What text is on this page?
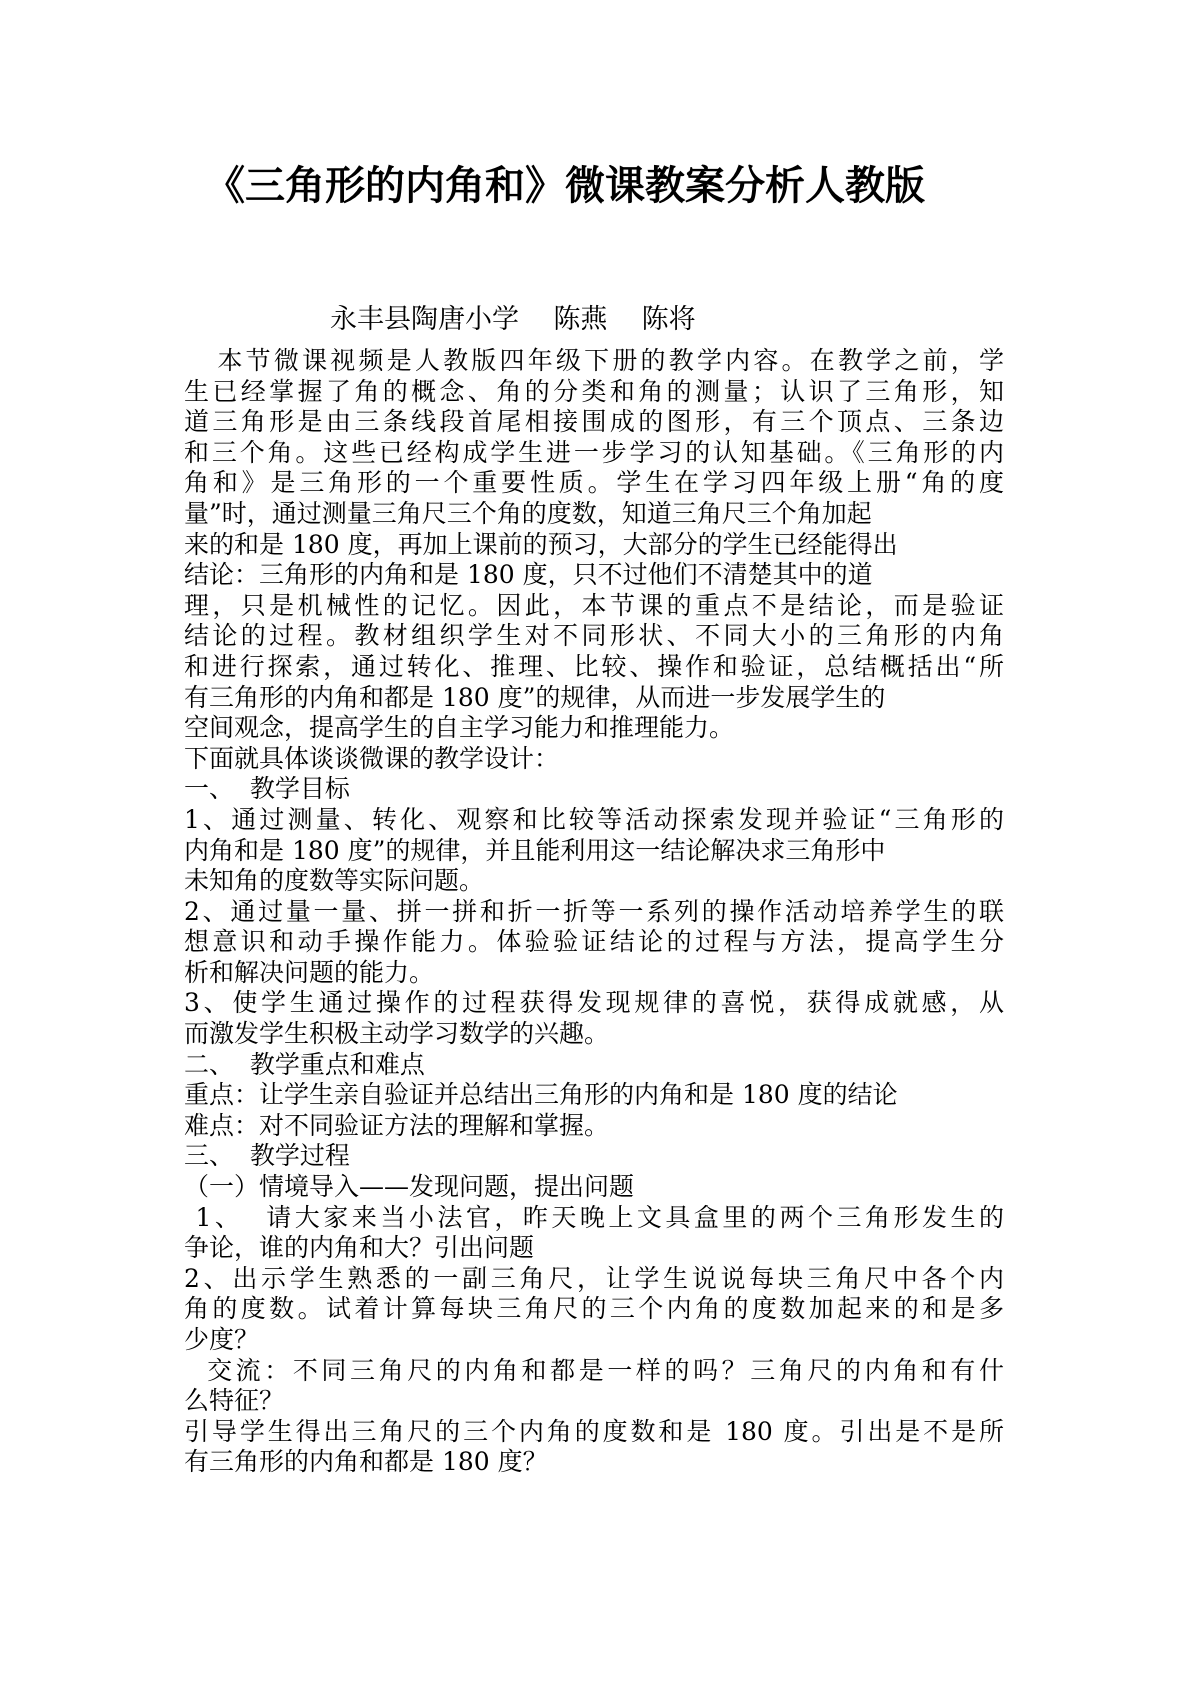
《三角形的内角和》微课教案分析人教版

永丰县陶唐小学    陈燕    陈将

本节微课视频是人教版四年级下册的教学内容。在教学之前，学
生已经掌握了角的概念、角的分类和角的测量；认识了三角形，知
道三角形是由三条线段首尾相接围成的图形，有三个顶点、三条边
和三个角。这些已经构成学生进一步学习的认知基础。《三角形的内
角和》是三角形的一个重要性质。学生在学习四年级上册“角的度
量”时，通过测量三角尺三个角的度数，知道三角尺三个角加起
来的和是 180 度，再加上课前的预习，大部分的学生已经能得出
结论：三角形的内角和是 180 度，只不过他们不清楚其中的道
理，只是机械性的记忆。因此，本节课的重点不是结论，而是验证
结论的过程。教材组织学生对不同形状、不同大小的三角形的内角
和进行探索，通过转化、推理、比较、操作和验证，总结概括出“所
有三角形的内角和都是 180 度”的规律，从而进一步发展学生的
空间观念，提高学生的自主学习能力和推理能力。
下面就具体谈谈微课的教学设计：
一、  教学目标
1、通过测量、转化、观察和比较等活动探索发现并验证“三角形的
内角和是 180 度”的规律，并且能利用这一结论解决求三角形中
未知角的度数等实际问题。
2、通过量一量、拼一拼和折一折等一系列的操作活动培养学生的联
想意识和动手操作能力。体验验证结论的过程与方法，提高学生分
析和解决问题的能力。
3、使学生通过操作的过程获得发现规律的喜悦，获得成就感，从
而激发学生积极主动学习数学的兴趣。
二、  教学重点和难点
重点：让学生亲自验证并总结出三角形的内角和是 180 度的结论
难点：对不同验证方法的理解和掌握。
三、  教学过程
（一）情境导入——发现问题，提出问题
1、  请大家来当小法官，昨天晚上文具盒里的两个三角形发生的
争论，谁的内角和大？引出问题
2、出示学生熟悉的一副三角尺，让学生说说每块三角尺中各个内
角的度数。试着计算每块三角尺的三个内角的度数加起来的和是多
少度？
交流：不同三角尺的内角和都是一样的吗？三角尺的内角和有什
么特征？
引导学生得出三角尺的三个内角的度数和是 180 度。引出是不是所
有三角形的内角和都是 180 度？
